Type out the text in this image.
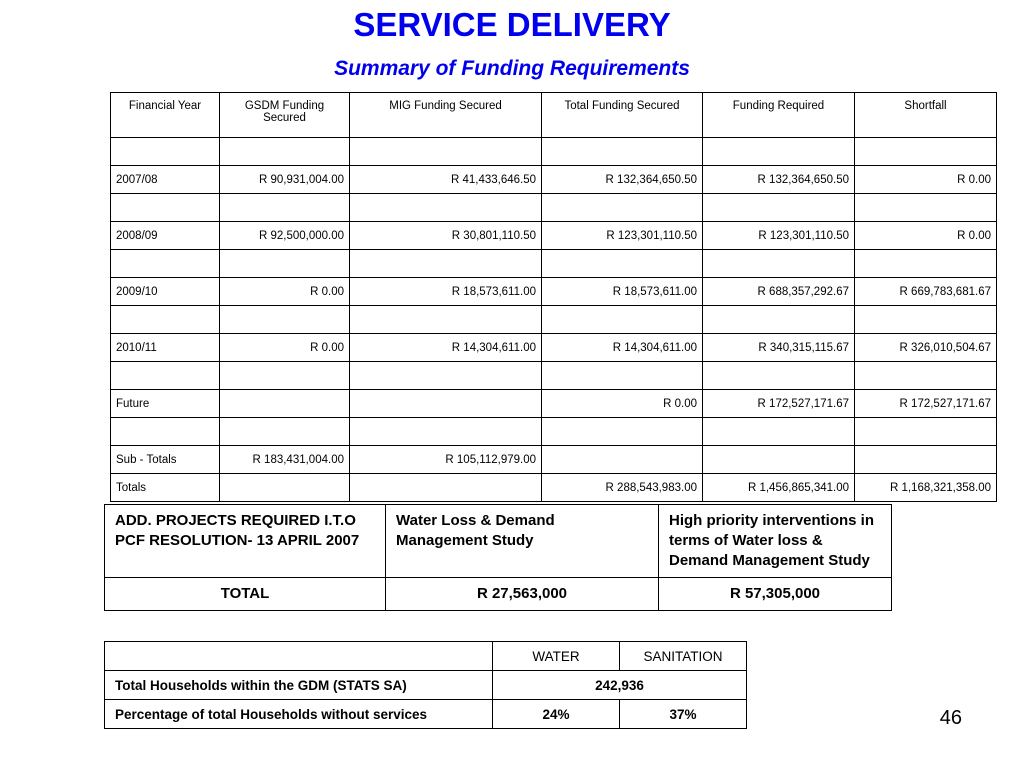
SERVICE DELIVERY
Summary of Funding Requirements
Financial Year	GSDM Funding Secured	MIG Funding Secured	Total Funding Secured	Funding Required	Shortfall

2007/08	R 90,931,004.00	R 41,433,646.50	R 132,364,650.50	R 132,364,650.50	R 0.00

2008/09	R 92,500,000.00	R 30,801,110.50	R 123,301,110.50	R 123,301,110.50	R 0.00

2009/10	R 0.00	R 18,573,611.00	R 18,573,611.00	R 688,357,292.67	R 669,783,681.67

2010/11	R 0.00	R 14,304,611.00	R 14,304,611.00	R 340,315,115.67	R 326,010,504.67

Future			R 0.00	R 172,527,171.67	R 172,527,171.67

Sub - Totals	R 183,431,004.00	R 105,112,979.00			
Totals			R 288,543,983.00	R 1,456,865,341.00	R 1,168,321,358.00
ADD. PROJECTS REQUIRED I.T.O PCF RESOLUTION- 13 APRIL 2007	Water Loss & Demand Management Study	High priority interventions in terms of Water loss & Demand Management Study
TOTAL	R 27,563,000	R 57,305,000
	WATER	SANITATION
Total Households within the GDM (STATS SA)	242,936	
Percentage of total Households without services	24%	37%	46
